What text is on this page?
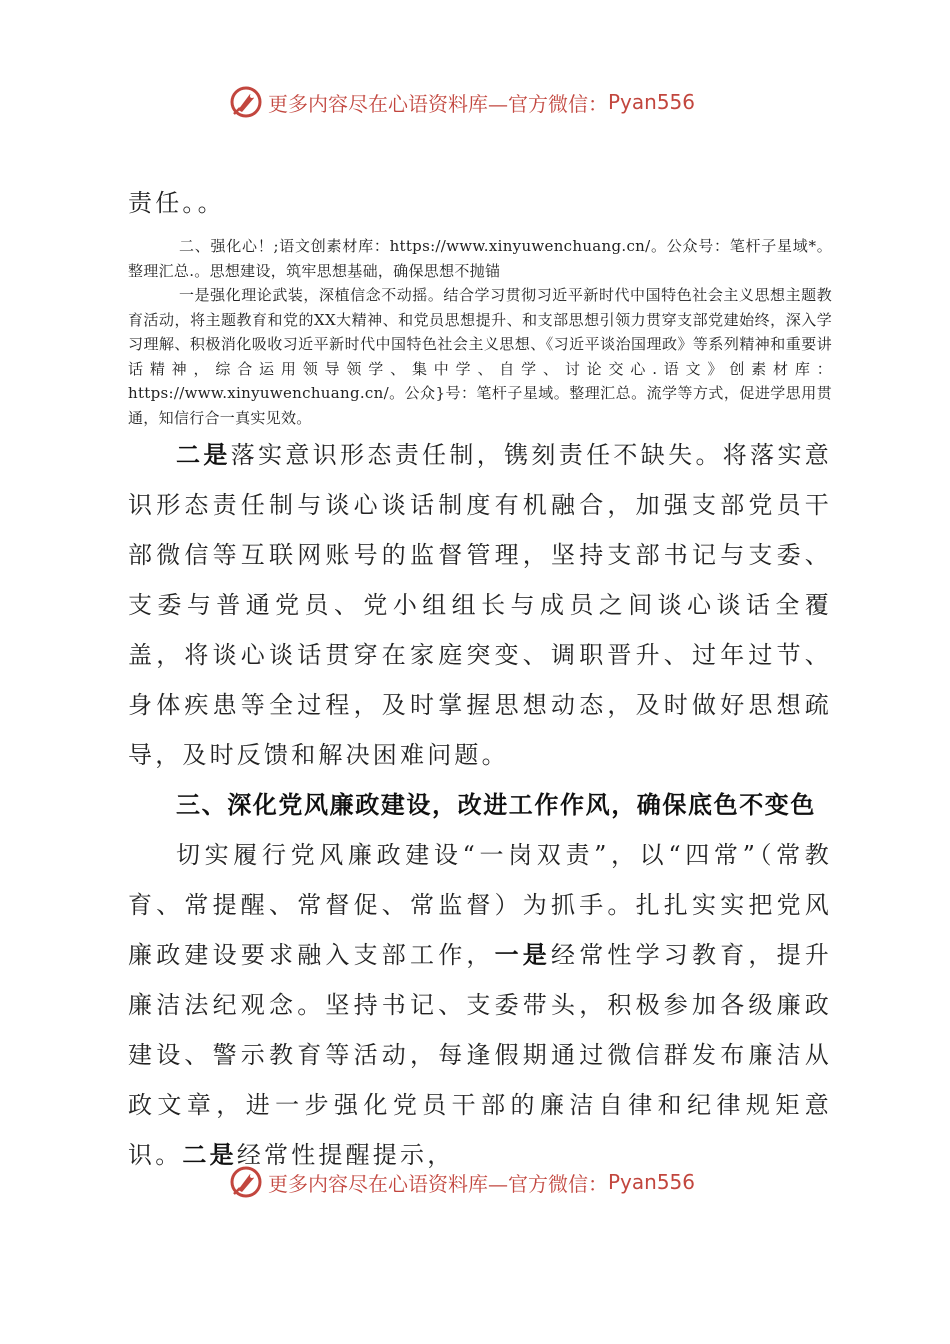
更多内容尽在心语资料库—官方微信： Pyan556

责任。。

二、强化心！;语文创素材库：https://www.xinyuwenchuang.cn/。公众号：笔杆子星域*。整理汇总.。思想建设，筑牢思想基础，确保思想不抛锚

一是强化理论武装，深植信念不动摇。结合学习贯彻习近平新时代中国特色社会主义思想主题教育活动，将主题教育和党的XX大精神、和党员思想提升、和支部思想引领力贯穿支部党建始终，深入学习理解、积极消化吸收习近平新时代中国特色社会主义思想、《习近平谈治国理政》等系列精神和重要讲话精神，综合运用领导领学、集中学、自学、讨论交心.语文》创素材库：https://www.xinyuwenchuang.cn/。公众}号：笔杆子星域。整理汇总。流学等方式，促进学思用贯通，知信行合一真实见效。

二是落实意识形态责任制，镌刻责任不缺失。将落实意识形态责任制与谈心谈话制度有机融合，加强支部党员干部微信等互联网账号的监督管理，坚持支部书记与支委、支委与普通党员、党小组组长与成员之间谈心谈话全覆盖，将谈心谈话贯穿在家庭突变、调职晋升、过年过节、身体疾患等全过程，及时掌握思想动态，及时做好思想疏导，及时反馈和解决困难问题。

三、深化党风廉政建设，改进工作作风，确保底色不变色

切实履行党风廉政建设“一岗双责”，以“四常”（常教育、常提醒、常督促、常监督）为抓手。扎扎实实把党风廉政建设要求融入支部工作，一是经常性学习教育，提升廉洁法纪观念。坚持书记、支委带头，积极参加各级廉政建设、警示教育等活动，每逢假期通过微信群发布廉洁从政文章，进一步强化党员干部的廉洁自律和纪律规矩意识。二是经常性提醒提示，

更多内容尽在心语资料库—官方微信： Pyan556
